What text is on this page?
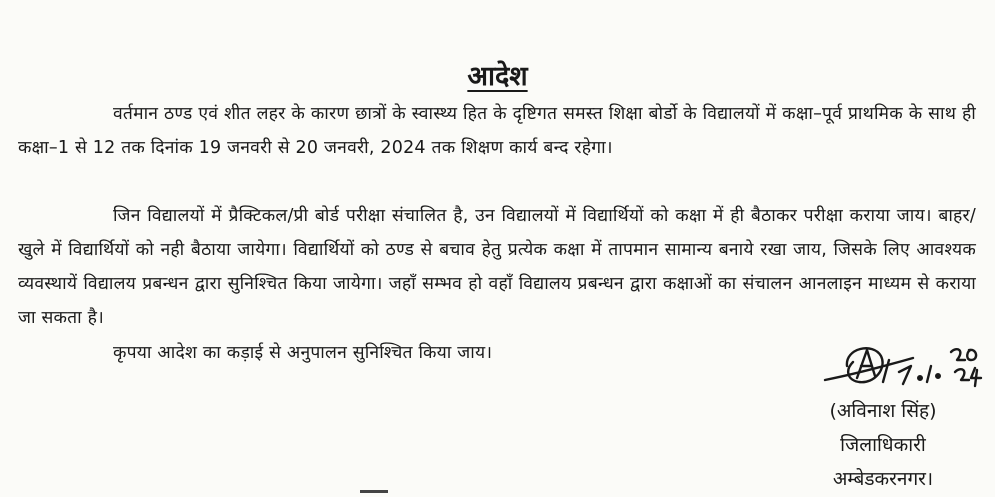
आदेश

वर्तमान ठण्ड एवं शीत लहर के कारण छात्रों के स्वास्थ्य हित के दृष्टिगत समस्त शिक्षा बोर्डो के विद्यालयों में कक्षा–पूर्व प्राथमिक के साथ ही कक्षा–1 से 12 तक दिनांक 19 जनवरी से 20 जनवरी, 2024 तक शिक्षण कार्य बन्द रहेगा।

जिन विद्यालयों में प्रैक्टिकल/प्री बोर्ड परीक्षा संचालित है, उन विद्यालयों में विद्यार्थियों को कक्षा में ही बैठाकर परीक्षा कराया जाय। बाहर/खुले में विद्यार्थियों को नही बैठाया जायेगा। विद्यार्थियों को ठण्ड से बचाव हेतु प्रत्येक कक्षा में तापमान सामान्य बनाये रखा जाय, जिसके लिए आवश्यक व्यवस्थायें विद्यालय प्रबन्धन द्वारा सुनिश्चित किया जायेगा। जहाँ सम्भव हो वहाँ विद्यालय प्रबन्धन द्वारा कक्षाओं का संचालन आनलाइन माध्यम से कराया जा सकता है।

कृपया आदेश का कड़ाई से अनुपालन सुनिश्चित किया जाय।

(अविनाश सिंह)
जिलाधिकारी
अम्बेडकरनगर।
